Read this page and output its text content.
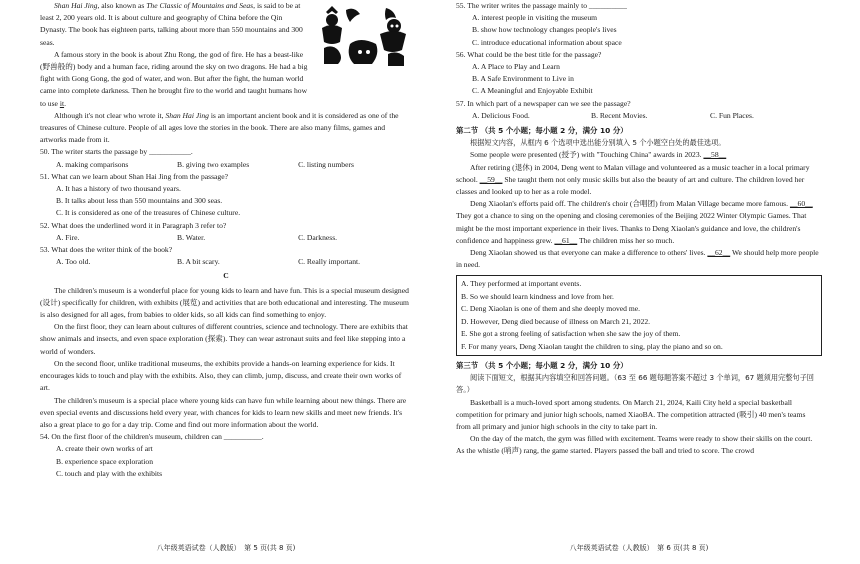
Shan Hai Jing, also known as The Classic of Mountains and Seas, is said to be at least 2, 200 years old. It is about culture and geography of China before the Qin Dynasty. The book has eighteen parts, talking about more than 550 mountains and 300 seas.

A famous story in the book is about Zhu Rong, the god of fire. He has a beast-like (野兽般的) body and a human face, riding around the sky on two dragons. He had a big fight with Gong Gong, the god of water, and won. But after the fight, the human world came into complete darkness. Then he brought fire to the world and taught humans how to use it.

Although it's not clear who wrote it, Shan Hai Jing is an important ancient book and it is considered as one of the treasures of Chinese culture. People of all ages love the stories in the book. There are also many films, games and artworks made from it.

50. The writer starts the passage by ___________.

A. making comparisons	B. giving two examples	C. listing numbers

51. What can we learn about Shan Hai Jing from the passage?

A. It has a history of two thousand years.

B. It talks about less than 550 mountains and 300 seas.

C. It is considered as one of the treasures of Chinese culture.

52. What does the underlined word it in Paragraph 3 refer to?

A. Fire.	B. Water.	C. Darkness.

53. What does the writer think of the book?

A. Too old.	B. A bit scary.	C. Really important.

C

The children's museum is a wonderful place for young kids to learn and have fun. This is a special museum designed (设计) specifically for children, with exhibits (展览) and activities that are both educational and interesting. The museum is also designed for all ages, from babies to older kids, so all kids can find something to enjoy.

On the first floor, they can learn about cultures of different countries, science and technology. There are exhibits that show animals and insects, and even space exploration (探索). They can wear astronaut suits and feel like stepping into a world of wonders.

On the second floor, unlike traditional museums, the exhibits provide a hands-on learning experience for kids. It encourages kids to touch and play with the exhibits. Also, they can climb, jump, discuss, and create their own works of art.

The children's museum is a special place where young kids can have fun while learning about new things. There are even special events and discussions held every year, with chances for kids to learn new skills and meet new friends. It's also a great place to go for a day trip. Come and find out more information about the world.

54. On the first floor of the children's museum, children can __________.

A. create their own works of art

B. experience space exploration

C. touch and play with the exhibits

八年级英语试卷（人教版）　第 5 页(共 8 页)

55. The writer writes the passage mainly to __________

A. interest people in visiting the museum

B. show how technology changes people's lives

C. introduce educational information about space

56. What could be the best title for the passage?

A. A Place to Play and Learn

B. A Safe Environment to Live in

C. A Meaningful and Enjoyable Exhibit

57. In which part of a newspaper can we see the passage?

A. Delicious Food.	B. Recent Movies.	C. Fun Places.

第二节 （共 5 个小题；每小题 2 分，满分 10 分）

根据短文内容，从框内 6 个选项中选出能分别填入 5 个小题空白处的最佳选项。

Some people were presented (授予) with "Touching China" awards in 2023. __58__

After retiring (退休) in 2004, Deng went to Malan village and volunteered as a music teacher in a local primary school. __59__ She taught them not only music skills but also the beauty of art and culture. The children loved her classes and looked up to her as a role model.

Deng Xiaolan's efforts paid off. The children's choir (合唱团) from Malan Village became more famous. __60__ They got a chance to sing on the opening and closing ceremonies of the Beijing 2022 Winter Olympic Games. That might be the most important experience in their lives. Thanks to Deng Xiaolan's guidance and love, the children's confidence and happiness grew. __61__ The children miss her so much.

Deng Xiaolan showed us that everyone can make a difference to others' lives. __62__ We should help more people in need.

A. They performed at important events.

B. So we should learn kindness and love from her.

C. Deng Xiaolan is one of them and she deeply moved me.

D. However, Deng died because of illness on March 21, 2022.

E. She got a strong feeling of satisfaction when she saw the joy of them.

F. For many years, Deng Xiaolan taught the children to sing, play the piano and so on.

第三节 （共 5 个小题；每小题 2 分，满分 10 分）

阅读下面短文，根据其内容填空和回答问题。（63 至 66 题每题答案不超过 3 个单词，67 题须用完整句子回答。）

Basketball is a much-loved sport among students. On March 21, 2024, Kaili City held a special basketball competition for primary and junior high schools, named XiaoBA. The competition attracted (吸引) 40 men's teams from all primary and junior high schools in the city to take part in.

On the day of the match, the gym was filled with excitement. Teams were ready to show their skills on the court. As the whistle (哨声) rang, the game started. Players passed the ball and tried to score. The crowd

八年级英语试卷（人教版）　第 6 页(共 8 页)
